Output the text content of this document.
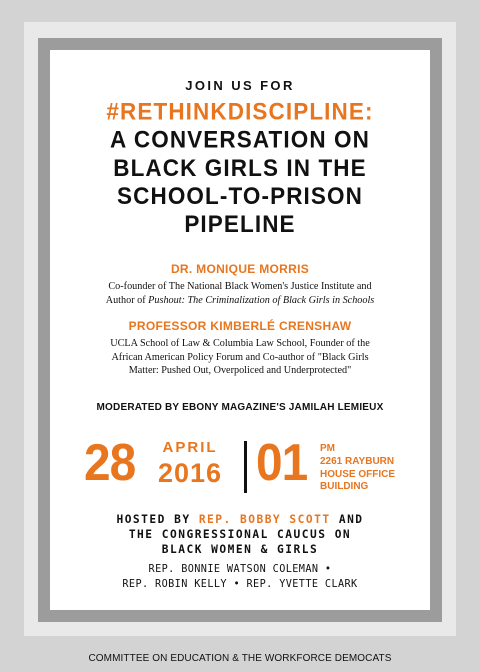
JOIN US FOR
#RETHINKDISCIPLINE:
A CONVERSATION ON
BLACK GIRLS IN THE
SCHOOL-TO-PRISON
PIPELINE
DR. MONIQUE MORRIS
Co-founder of The National Black Women's Justice Institute and
Author of Pushout: The Criminalization of Black Girls in Schools
PROFESSOR KIMBERLÉ CRENSHAW
UCLA School of Law & Columbia Law School, Founder of the
African American Policy Forum and Co-author of "Black Girls
Matter: Pushed Out, Overpoliced and Underprotected"
MODERATED BY EBONY MAGAZINE'S JAMILAH LEMIEUX
28	APRIL
2016 01 PM
2261 RAYBURN
HOUSE OFFICE
BUILDING
HOSTED BY REP. BOBBY SCOTT AND
THE CONGRESSIONAL CAUCUS ON
BLACK WOMEN & GIRLS
REP. BONNIE WATSON COLEMAN •
REP. ROBIN KELLY • REP. YVETTE CLARK
COMMITTEE ON EDUCATION & THE WORKFORCE DEMOCATS
